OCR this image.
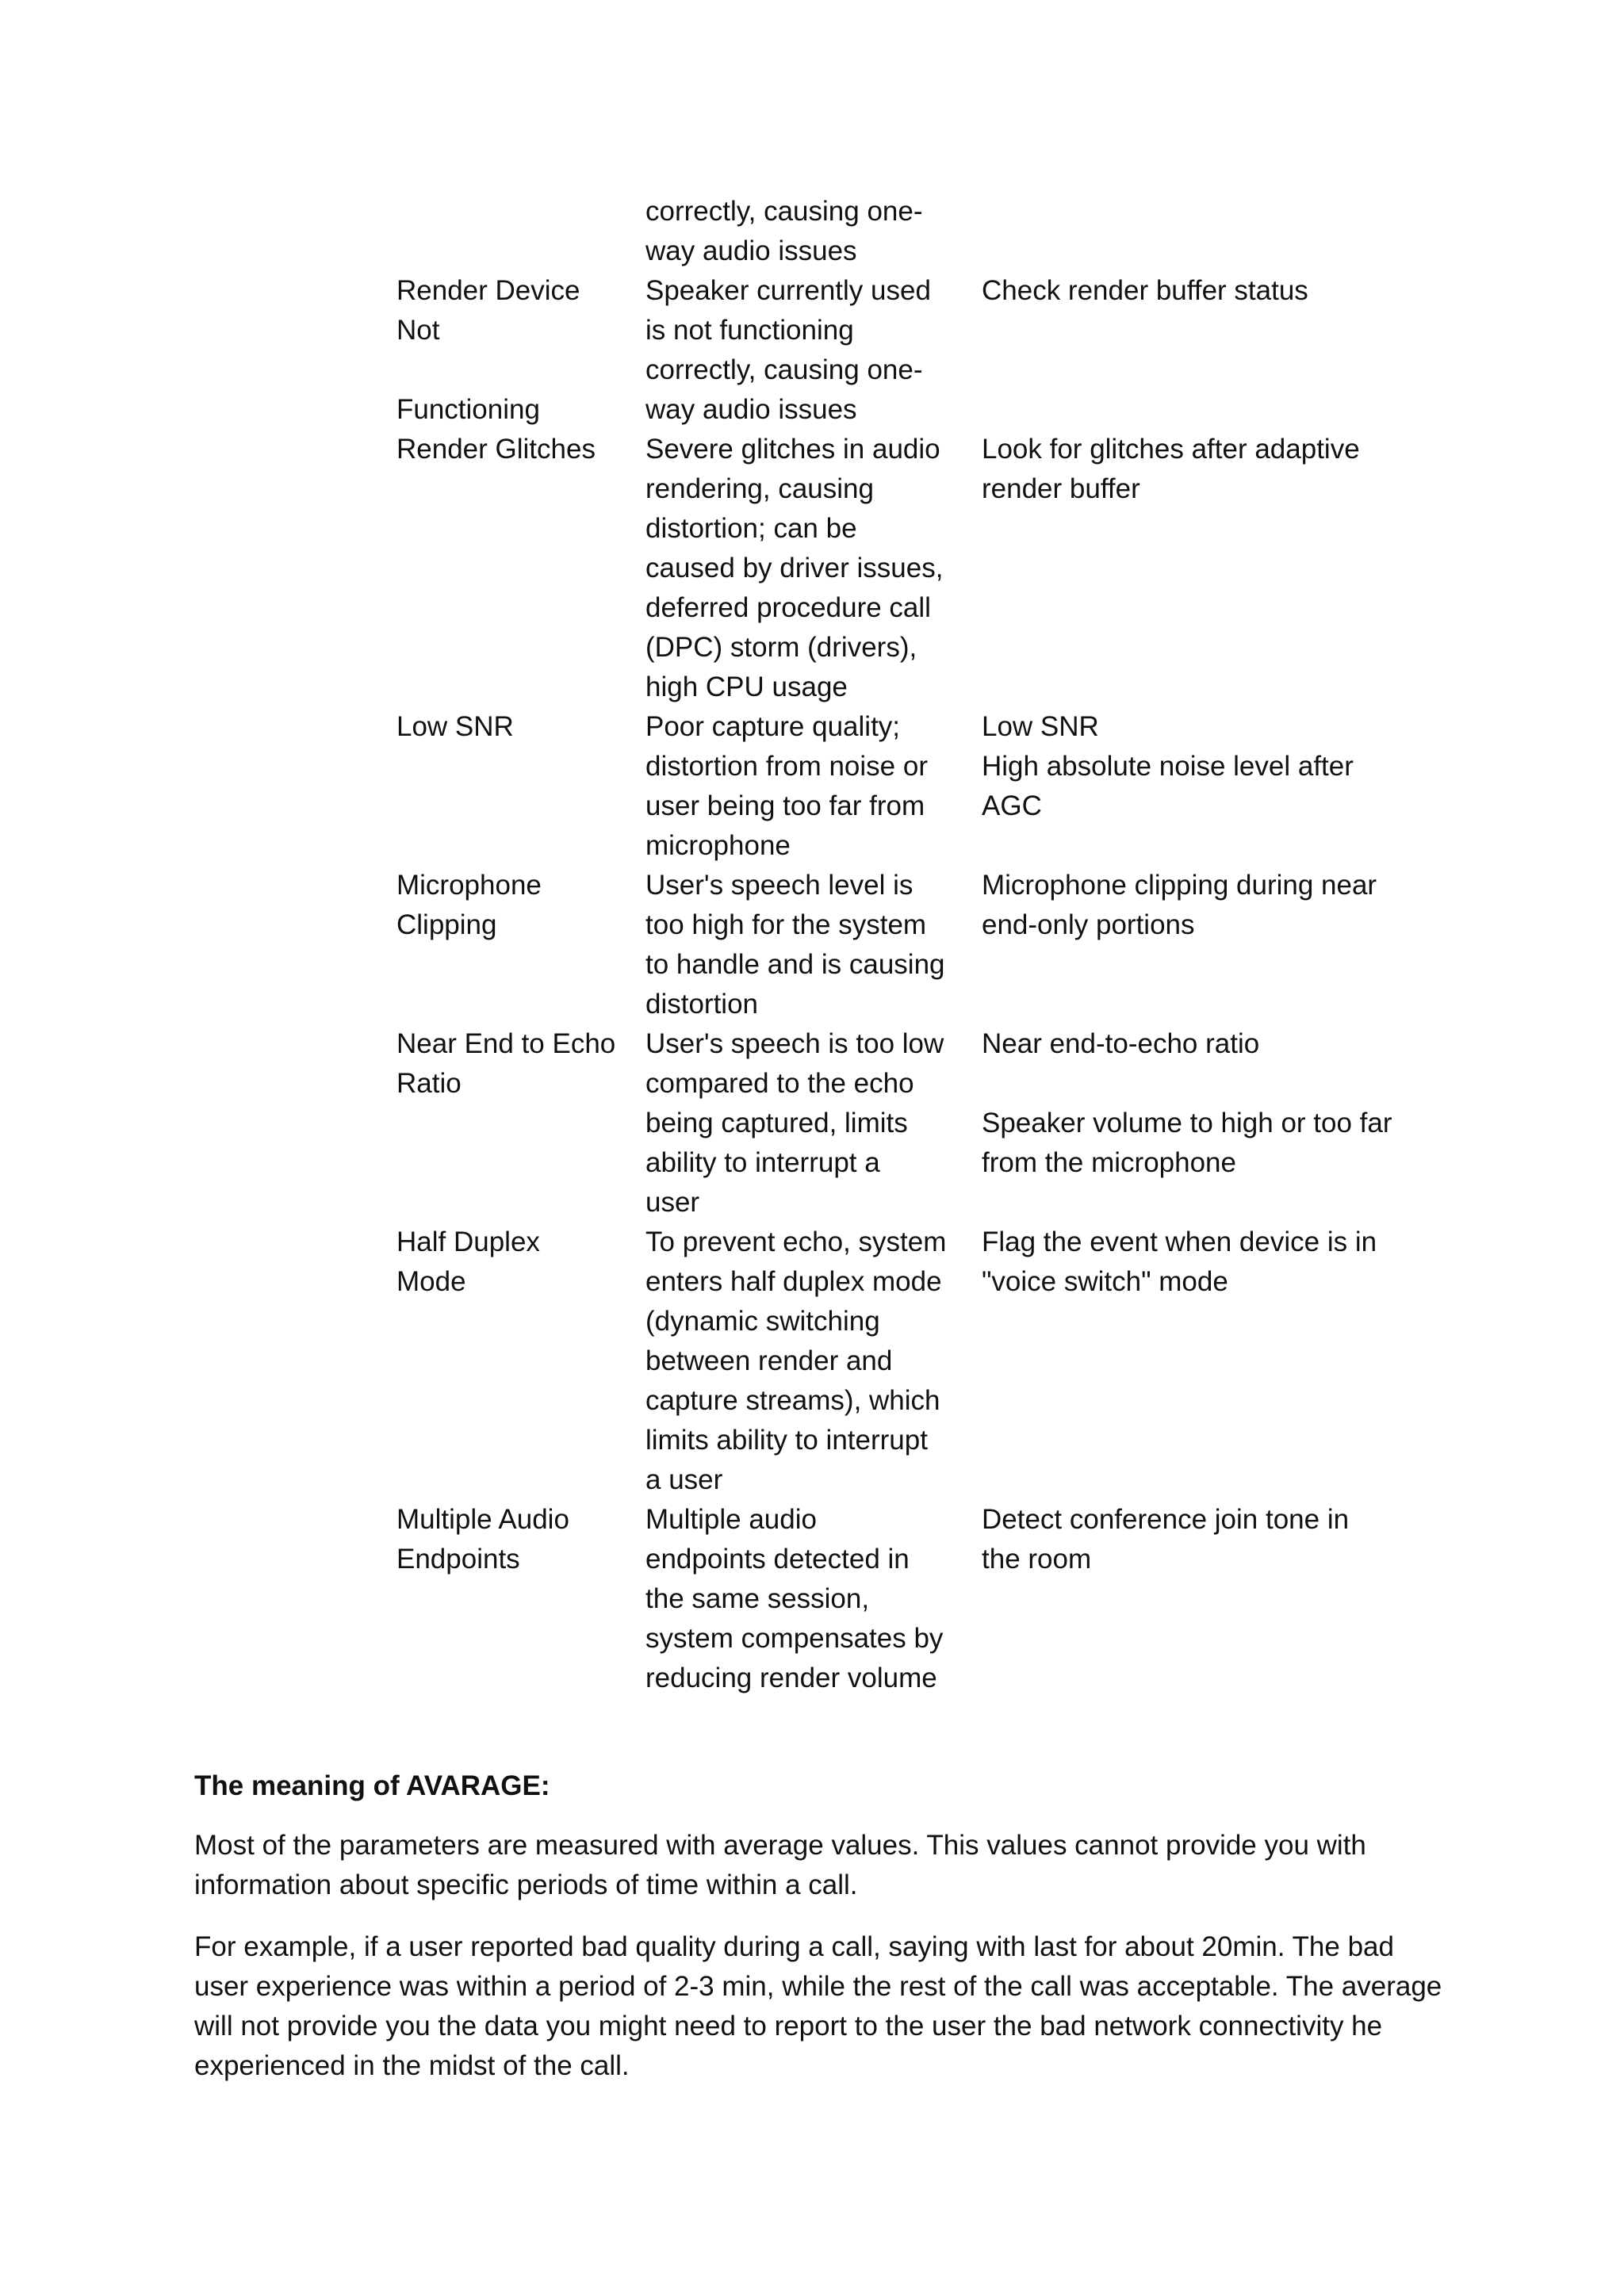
correctly, causing one-
way audio issues
Render Device
Not

Functioning
Speaker currently used
is not functioning
correctly, causing one-
way audio issues
Check render buffer status
Render Glitches	Severe glitches in audio
rendering, causing
distortion; can be
caused by driver issues,
deferred procedure call
(DPC) storm (drivers),
high CPU usage
Look for glitches after adaptive
render buffer
Low SNR	Poor capture quality;
distortion from noise or
user being too far from
microphone
Low SNR
High absolute noise level after
AGC
Microphone
Clipping
User's speech level is
too high for the system
to handle and is causing
distortion
Microphone clipping during near
end-only portions
Near End to Echo
Ratio
User's speech is too low
compared to the echo
being captured, limits
ability to interrupt a
user
Near end-to-echo ratio

Speaker volume to high or too far
from the microphone
Half Duplex
Mode
To prevent echo, system
enters half duplex mode
(dynamic switching
between render and
capture streams), which
limits ability to interrupt
a user
Flag the event when device is in
"voice switch" mode
Multiple Audio
Endpoints
Multiple audio
endpoints detected in
the same session,
system compensates by
reducing render volume
Detect conference join tone in
the room
The meaning of AVARAGE:
Most of the parameters are measured with average values. This values cannot provide you with information about specific periods of time within a call.
For example, if a user reported bad quality during a call, saying with last for about 20min. The bad user experience was within a period of 2-3 min, while the rest of the call was acceptable. The average will not provide you the data you might need to report to the user the bad network connectivity he experienced in the midst of the call.
